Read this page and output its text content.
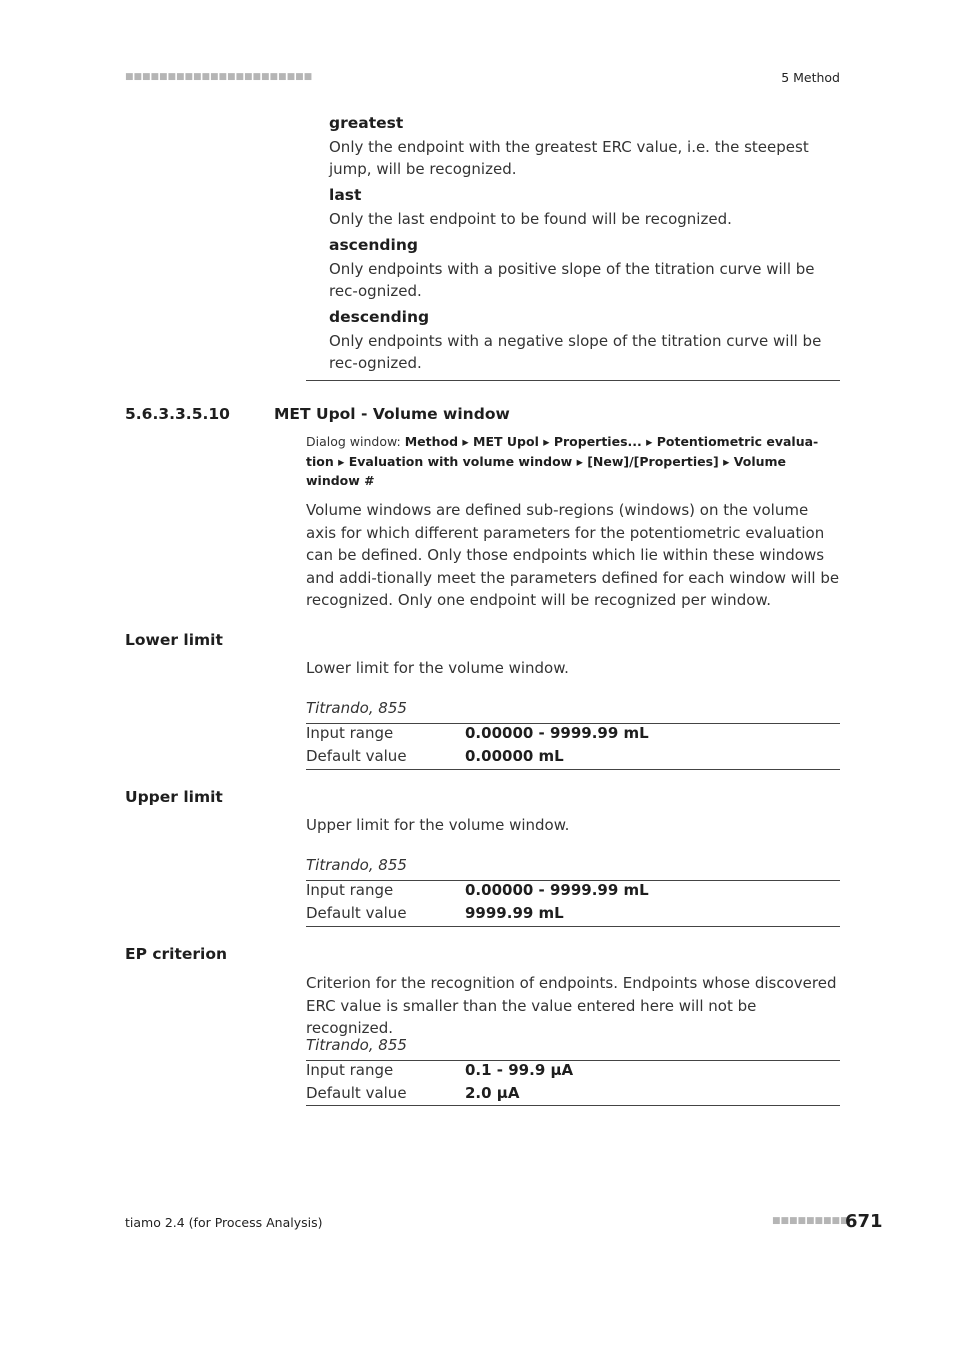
■■■■■■■■■■■■■■■■■■■■■■	5 Method
greatest
Only the endpoint with the greatest ERC value, i.e. the steepest jump, will be recognized.
last
Only the last endpoint to be found will be recognized.
ascending
Only endpoints with a positive slope of the titration curve will be rec-ognized.
descending
Only endpoints with a negative slope of the titration curve will be rec-ognized.
5.6.3.3.5.10	MET Upol - Volume window
Dialog window: Method ▸ MET Upol ▸ Properties... ▸ Potentiometric evalua-tion ▸ Evaluation with volume window ▸ [New]/[Properties] ▸ Volume window #
Volume windows are defined sub-regions (windows) on the volume axis for which different parameters for the potentiometric evaluation can be defined. Only those endpoints which lie within these windows and addi-tionally meet the parameters defined for each window will be recognized. Only one endpoint will be recognized per window.
Lower limit
Lower limit for the volume window.
Titrando, 855
Input range	0.00000 - 9999.99 mL
Default value	0.00000 mL
Upper limit
Upper limit for the volume window.
Titrando, 855
Input range	0.00000 - 9999.99 mL
Default value	9999.99 mL
EP criterion
Criterion for the recognition of endpoints. Endpoints whose discovered ERC value is smaller than the value entered here will not be recognized.
Titrando, 855
Input range	0.1 - 99.9 µA
Default value	2.0 µA
tiamo 2.4 (for Process Analysis)	■■■■■■■■■
671
